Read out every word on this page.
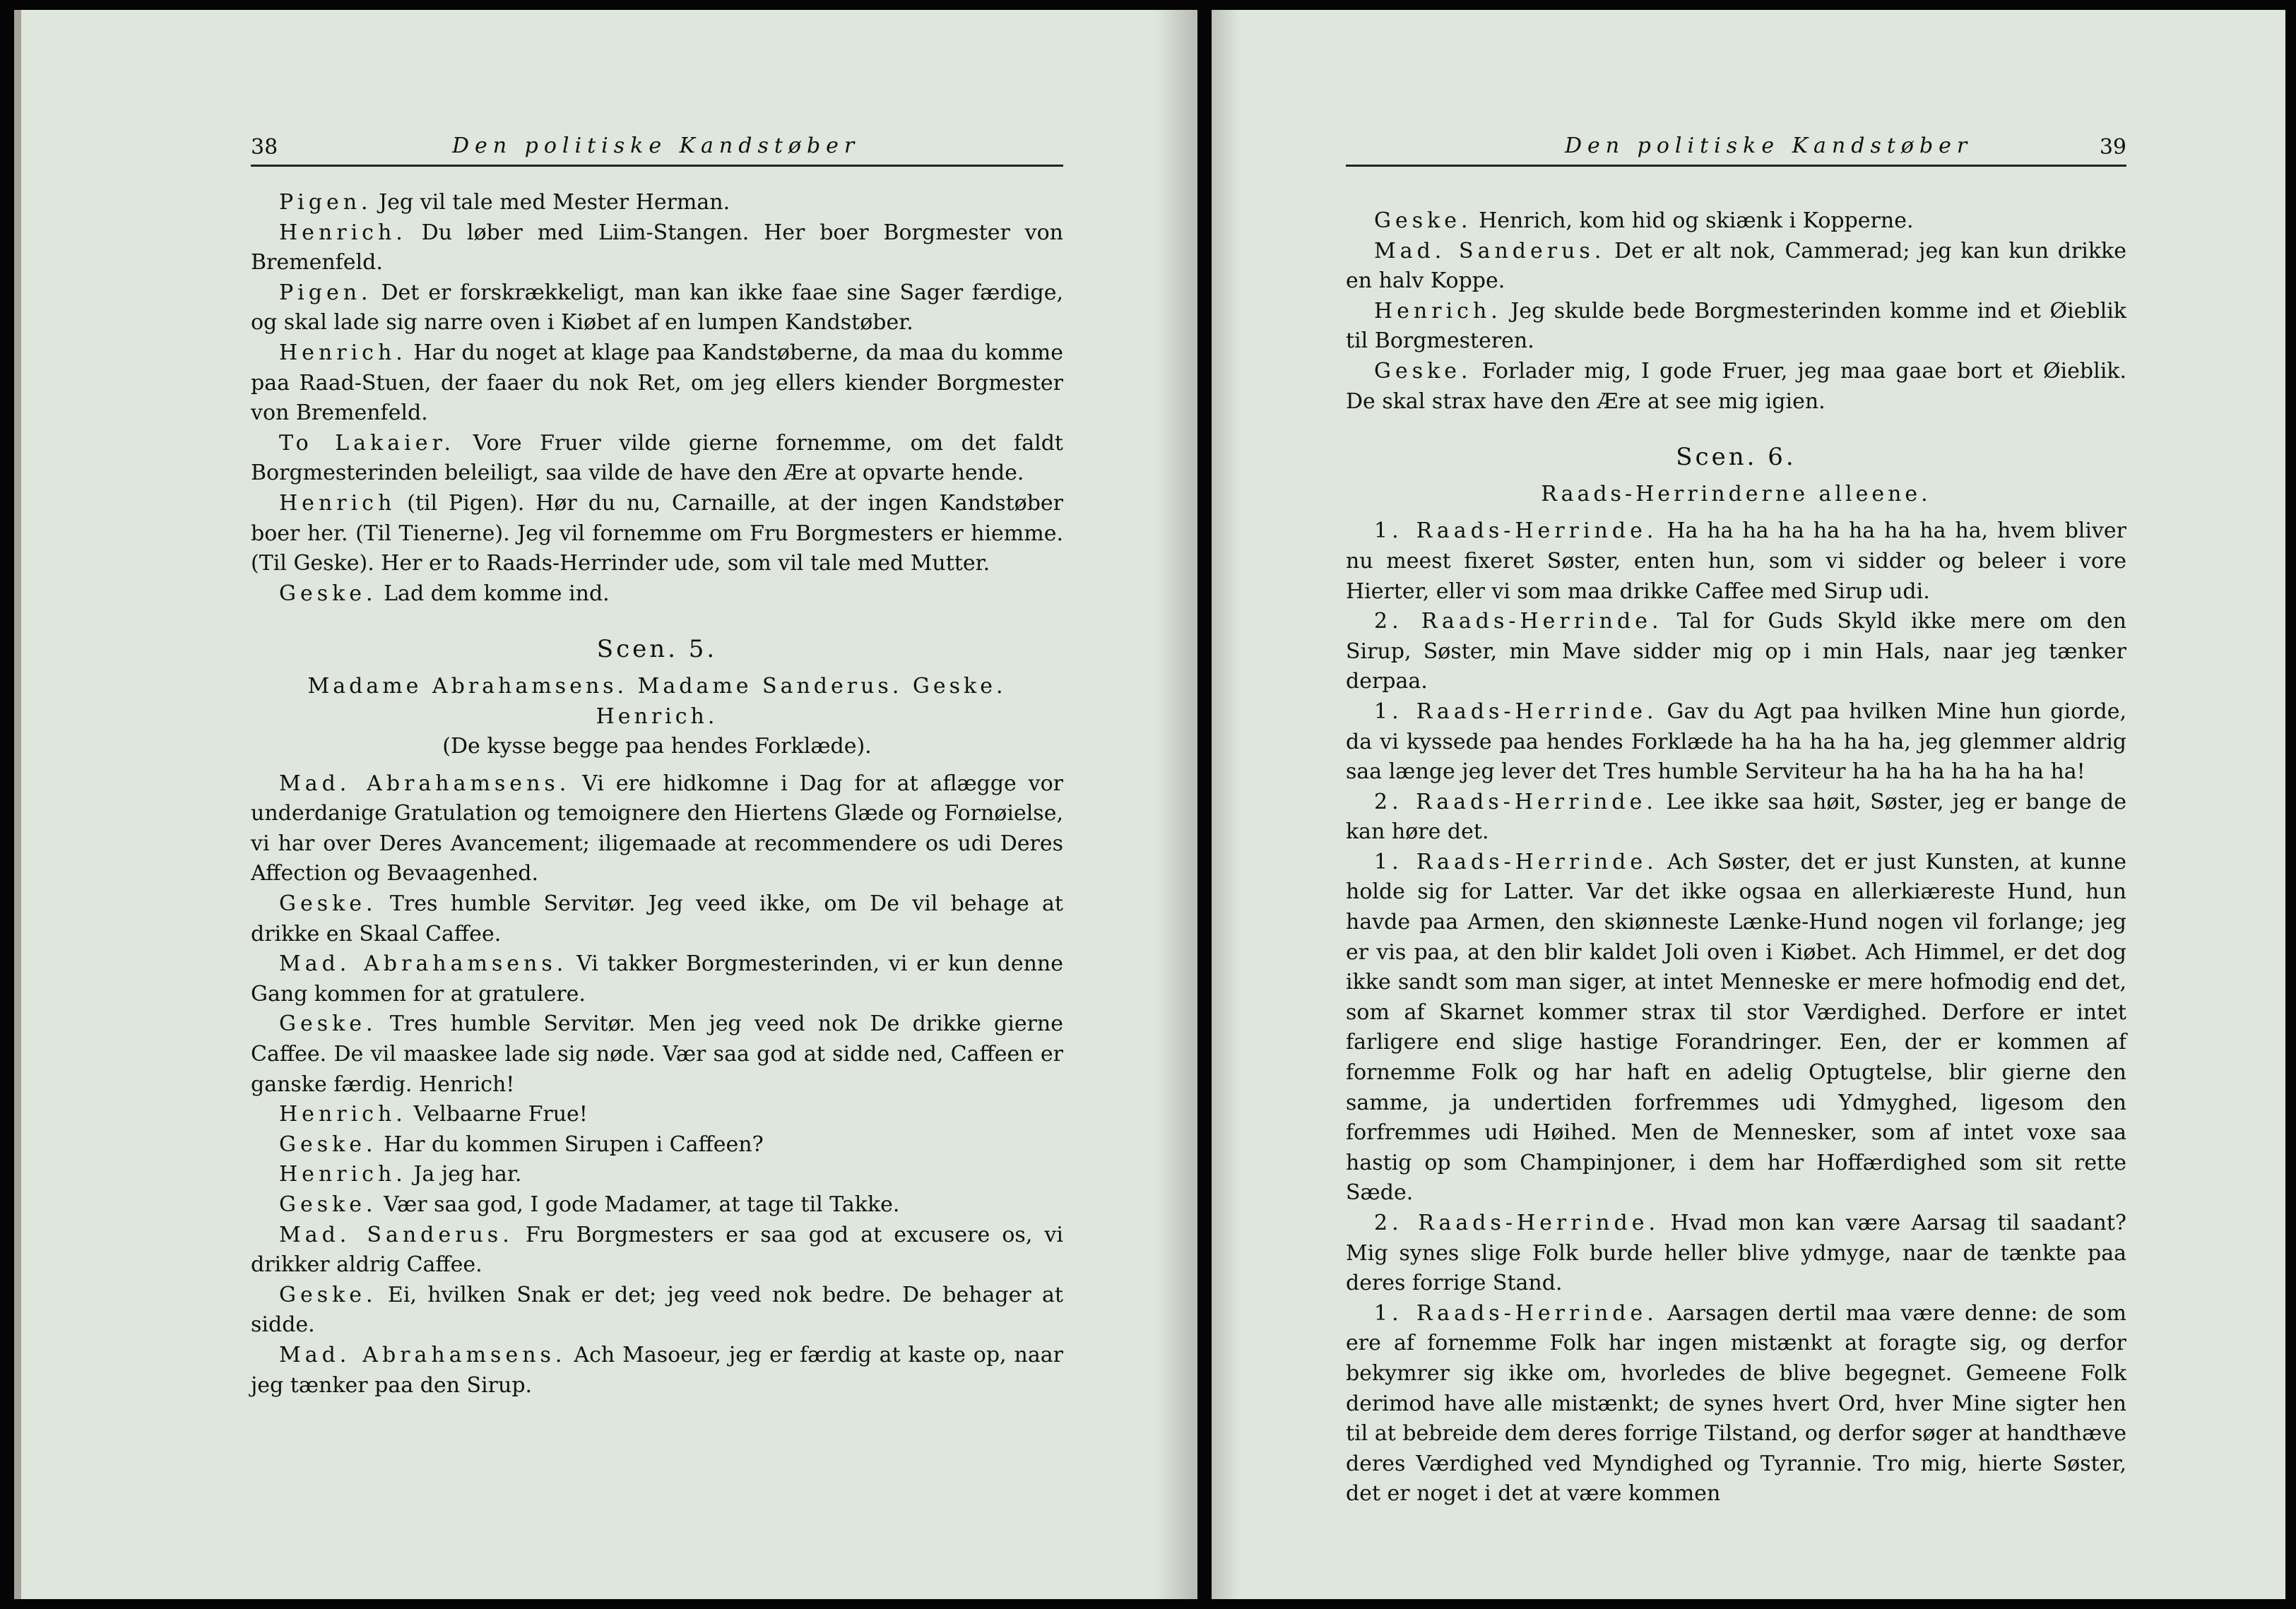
38	Den politiske Kandstøber

Pigen. Jeg vil tale med Mester Herman.

Henrich. Du løber med Liim-Stangen. Her boer Borgmester von Bremenfeld.

Pigen. Det er forskrækkeligt, man kan ikke faae sine Sager færdige, og skal lade sig narre oven i Kiøbet af en lumpen Kandstøber.

Henrich. Har du noget at klage paa Kandstøberne, da maa du komme paa Raad-Stuen, der faaer du nok Ret, om jeg ellers kiender Borgmester von Bremenfeld.

To Lakaier. Vore Fruer vilde gierne fornemme, om det faldt Borgmesterinden beleiligt, saa vilde de have den Ære at opvarte hende.

Henrich (til Pigen). Hør du nu, Carnaille, at der ingen Kandstøber boer her. (Til Tienerne). Jeg vil fornemme om Fru Borgmesters er hiemme. (Til Geske). Her er to Raads-Herrinder ude, som vil tale med Mutter.

Geske. Lad dem komme ind.

Scen. 5.

Madame Abrahamsens. Madame Sanderus. Geske. Henrich.

(De kysse begge paa hendes Forklæde).

Mad. Abrahamsens. Vi ere hidkomne i Dag for at aflægge vor underdanige Gratulation og temoignere den Hiertens Glæde og Fornøielse, vi har over Deres Avancement; iligemaade at recommendere os udi Deres Affection og Bevaagenhed.

Geske. Tres humble Servitør. Jeg veed ikke, om De vil behage at drikke en Skaal Caffee.

Mad. Abrahamsens. Vi takker Borgmesterinden, vi er kun denne Gang kommen for at gratulere.

Geske. Tres humble Servitør. Men jeg veed nok De drikke gierne Caffee. De vil maaskee lade sig nøde. Vær saa god at sidde ned, Caffeen er ganske færdig. Henrich!

Henrich. Velbaarne Frue!

Geske. Har du kommen Sirupen i Caffeen?

Henrich. Ja jeg har.

Geske. Vær saa god, I gode Madamer, at tage til Takke.

Mad. Sanderus. Fru Borgmesters er saa god at excusere os, vi drikker aldrig Caffee.

Geske. Ei, hvilken Snak er det; jeg veed nok bedre. De behager at sidde.

Mad. Abrahamsens. Ach Masoeur, jeg er færdig at kaste op, naar jeg tænker paa den Sirup.

Den politiske Kandstøber	39

Geske. Henrich, kom hid og skiænk i Kopperne.

Mad. Sanderus. Det er alt nok, Cammerad; jeg kan kun drikke en halv Koppe.

Henrich. Jeg skulde bede Borgmesterinden komme ind et Øieblik til Borgmesteren.

Geske. Forlader mig, I gode Fruer, jeg maa gaae bort et Øieblik. De skal strax have den Ære at see mig igien.

Scen. 6.

Raads-Herrinderne alleene.

1. Raads-Herrinde. Ha ha ha ha ha ha ha ha ha, hvem bliver nu meest fixeret Søster, enten hun, som vi sidder og beleer i vore Hierter, eller vi som maa drikke Caffee med Sirup udi.

2. Raads-Herrinde. Tal for Guds Skyld ikke mere om den Sirup, Søster, min Mave sidder mig op i min Hals, naar jeg tænker derpaa.

1. Raads-Herrinde. Gav du Agt paa hvilken Mine hun giorde, da vi kyssede paa hendes Forklæde ha ha ha ha ha, jeg glemmer aldrig saa længe jeg lever det Tres humble Serviteur ha ha ha ha ha ha ha!

2. Raads-Herrinde. Lee ikke saa høit, Søster, jeg er bange de kan høre det.

1. Raads-Herrinde. Ach Søster, det er just Kunsten, at kunne holde sig for Latter. Var det ikke ogsaa en allerkiæreste Hund, hun havde paa Armen, den skiønneste Lænke-Hund nogen vil forlange; jeg er vis paa, at den blir kaldet Joli oven i Kiøbet. Ach Himmel, er det dog ikke sandt som man siger, at intet Menneske er mere hofmodig end det, som af Skarnet kommer strax til stor Værdighed. Derfore er intet farligere end slige hastige Forandringer. Een, der er kommen af fornemme Folk og har haft en adelig Optugtelse, blir gierne den samme, ja undertiden forfremmes udi Ydmyghed, ligesom den forfremmes udi Høihed. Men de Mennesker, som af intet voxe saa hastig op som Champinjoner, i dem har Hoffærdighed som sit rette Sæde.

2. Raads-Herrinde. Hvad mon kan være Aarsag til saadant? Mig synes slige Folk burde heller blive ydmyge, naar de tænkte paa deres forrige Stand.

1. Raads-Herrinde. Aarsagen dertil maa være denne: de som ere af fornemme Folk har ingen mistænkt at foragte sig, og derfor bekymrer sig ikke om, hvorledes de blive begegnet. Gemeene Folk derimod have alle mistænkt; de synes hvert Ord, hver Mine sigter hen til at bebreide dem deres forrige Tilstand, og derfor søger at handthæve deres Værdighed ved Myndighed og Tyrannie. Tro mig, hierte Søster, det er noget i det at være kommen
